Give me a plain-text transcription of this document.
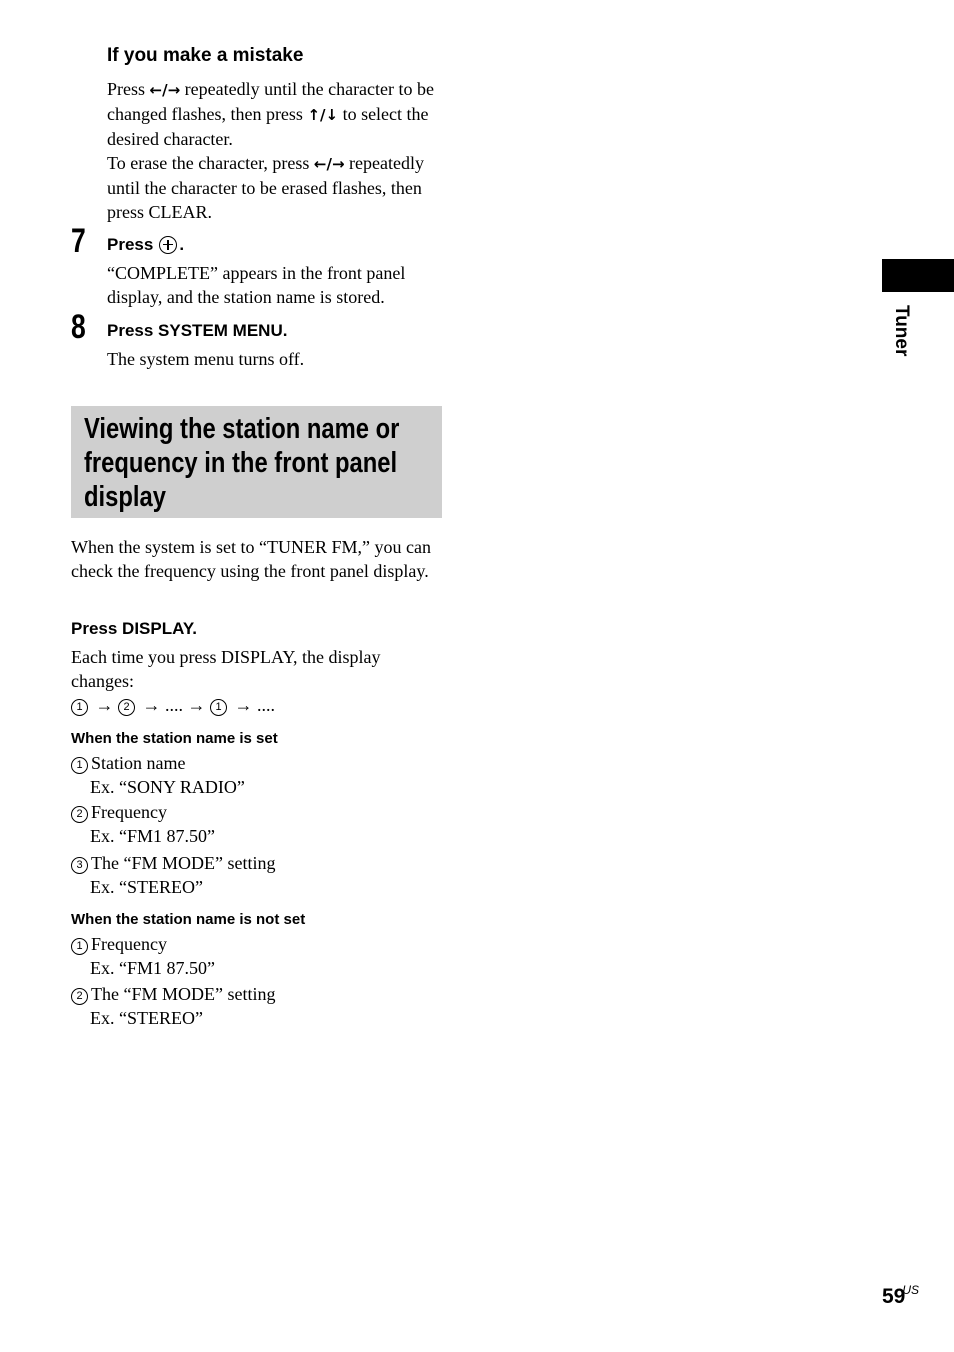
If you make a mistake
Press ←/→ repeatedly until the character to be changed flashes, then press ↑/↓ to select the desired character.
To erase the character, press ←/→ repeatedly until the character to be erased flashes, then press CLEAR.
7 Press .
“COMPLETE” appears in the front panel display, and the station name is stored.
8 Press SYSTEM MENU.
The system menu turns off.
Viewing the station name or frequency in the front panel display
When the system is set to “TUNER FM,” you can check the frequency using the front panel display.
Press DISPLAY.
Each time you press DISPLAY, the display changes:
1 → 2 → .... → 1 → ....
When the station name is set
1 Station name
Ex. “SONY RADIO”
2 Frequency
Ex. “FM1 87.50”
3 The “FM MODE” setting
Ex. “STEREO”
When the station name is not set
1 Frequency
Ex. “FM1 87.50”
2 The “FM MODE” setting
Ex. “STEREO”
Tuner
$59^{US}$
